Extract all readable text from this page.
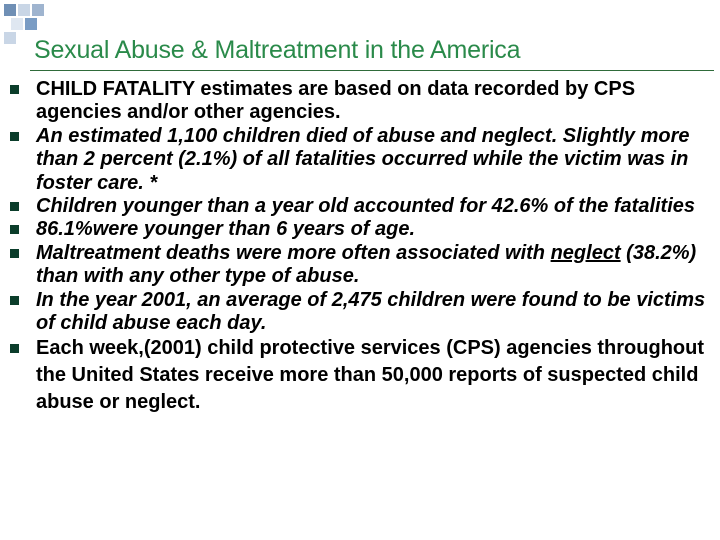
Sexual Abuse & Maltreatment in the America
CHILD FATALITY estimates are based on data recorded by CPS agencies and/or other agencies.
An estimated 1,100 children died of abuse and neglect. Slightly more than 2 percent (2.1%) of all fatalities occurred while the victim was in foster care. *
Children younger than a year old accounted for 42.6% of the fatalities
86.1%were younger than 6 years of age.
Maltreatment deaths were more often associated with neglect (38.2%) than with any other type of abuse.
In the year 2001, an average of 2,475 children were found to be victims of child abuse each day.
Each week,(2001) child protective services (CPS) agencies throughout the United States receive more than 50,000 reports of suspected child abuse or neglect.
